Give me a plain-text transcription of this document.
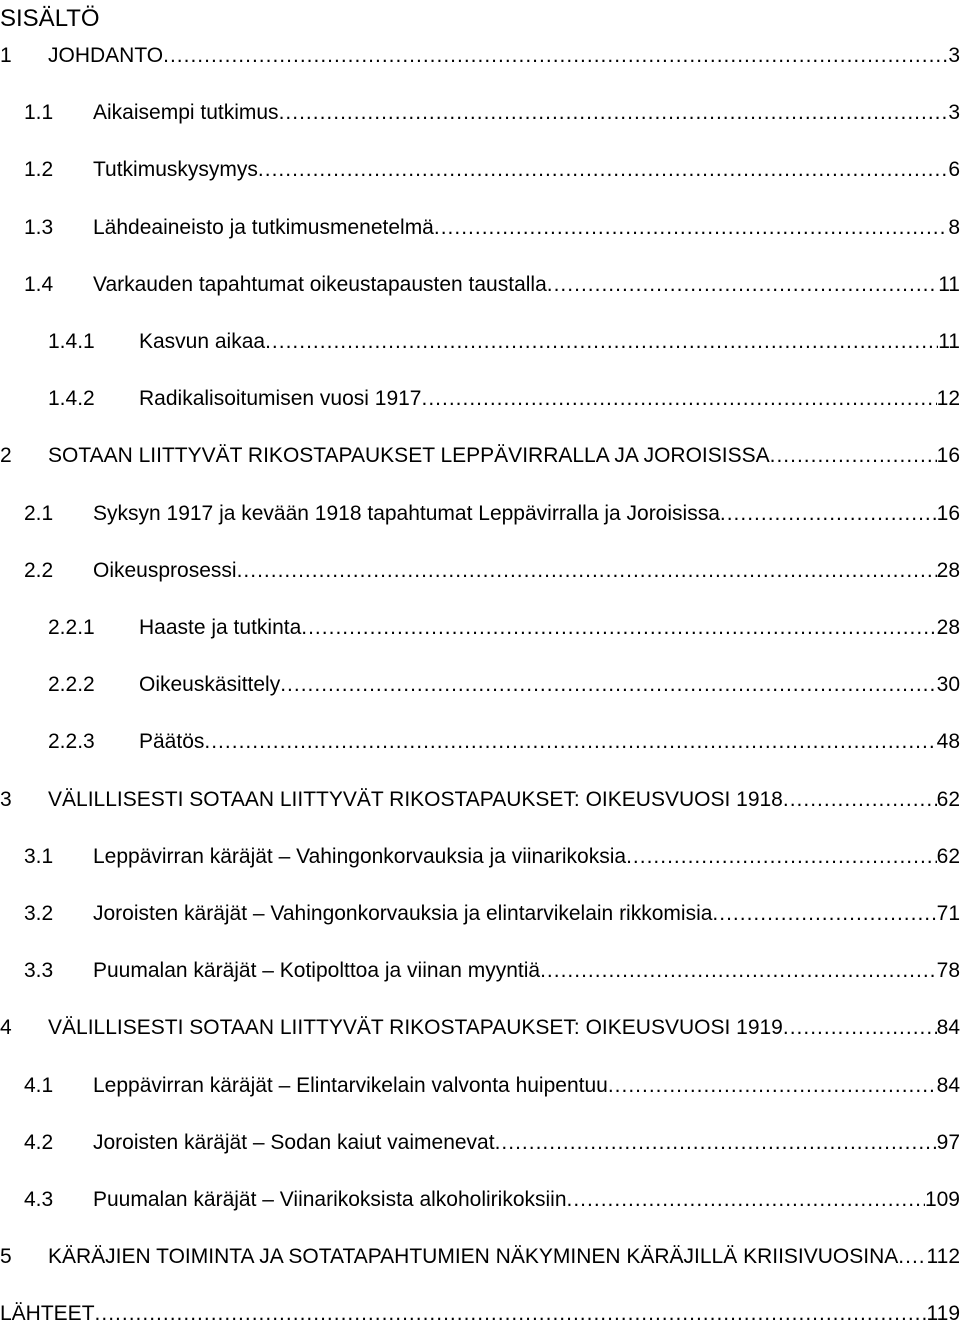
SISÄLTÖ
1 JOHDANTO .....	3
1.1 Aikaisempi tutkimus .....	3
1.2 Tutkimuskysymys .....	6
1.3 Lähdeaineisto ja tutkimusmenetelmä .....	8
1.4 Varkauden tapahtumat oikeustapausten taustalla .....	11
1.4.1 Kasvun aikaa .....	11
1.4.2 Radikalisoitumisen vuosi 1917 .....	12
2 SOTAAN LIITTYVÄT RIKOSTAPAUKSET LEPPÄVIRRALLA JA JOROISISSA .....	16
2.1 Syksyn 1917 ja kevään 1918 tapahtumat Leppävirralla ja Joroisissa .....	16
2.2 Oikeusprosessi .....	28
2.2.1 Haaste ja tutkinta .....	28
2.2.2 Oikeuskäsittely .....	30
2.2.3 Päätös .....	48
3 VÄLILLISESTI SOTAAN LIITTYVÄT RIKOSTAPAUKSET: OIKEUSVUOSI 1918 .....	62
3.1 Leppävirran käräjät – Vahingonkorvauksia ja viinarikoksia .....	62
3.2 Joroisten käräjät – Vahingonkorvauksia ja elintarvikelain rikkomisia .....	71
3.3 Puumalan käräjät – Kotipolttoa ja viinan myyntiä .....	78
4 VÄLILLISESTI SOTAAN LIITTYVÄT RIKOSTAPAUKSET: OIKEUSVUOSI 1919 .....	84
4.1 Leppävirran käräjät – Elintarvikelain valvonta huipentuu .....	84
4.2 Joroisten käräjät – Sodan kaiut vaimenevat .....	97
4.3 Puumalan käräjät – Viinarikoksista alkoholirikoksiin .....	109
5 KÄRÄJIEN TOIMINTA JA SOTATAPAHTUMIEN NÄKYMINEN KÄRÄJILLÄ KRIISIVUOSINA ..... 112
LÄHTEET .....	119
